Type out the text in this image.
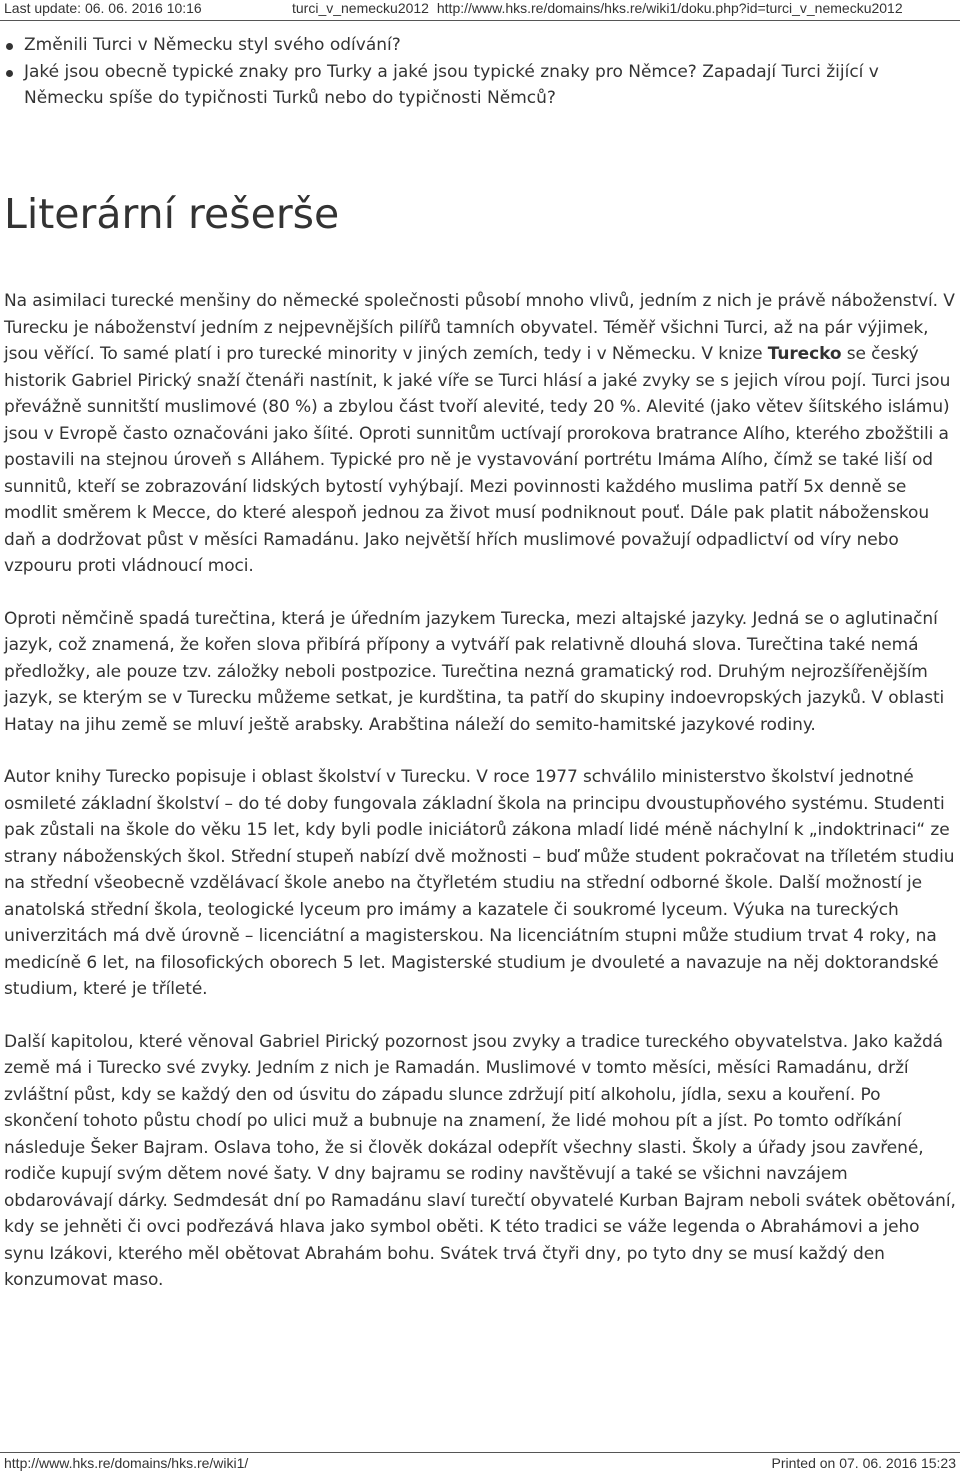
Last update: 06. 06. 2016 10:16	turci_v_nemecku2012 http://www.hks.re/domains/hks.re/wiki1/doku.php?id=turci_v_nemecku2012
Změnili Turci v Německu styl svého odívání?
Jaké jsou obecně typické znaky pro Turky a jaké jsou typické znaky pro Němce? Zapadají Turci žijící v Německu spíše do typičnosti Turků nebo do typičnosti Němců?
Literární rešerše

Na asimilaci turecké menšiny do německé společnosti působí mnoho vlivů, jedním z nich je právě náboženství. V Turecku je náboženství jedním z nejpevnějších pilířů tamních obyvatel. Téměř všichni Turci, až na pár výjimek, jsou věřící. To samé platí i pro turecké minority v jiných zemích, tedy i v Německu. V knize Turecko se český historik Gabriel Pirický snaží čtenáři nastínit, k jaké víře se Turci hlásí a jaké zvyky se s jejich vírou pojí. Turci jsou převážně sunnitští muslimové (80 %) a zbylou část tvoří alevité, tedy 20 %. Alevité (jako větev šíitského islámu) jsou v Evropě často označováni jako šíité. Oproti sunnitům uctívají prorokova bratrance Alího, kterého zbožštili a postavili na stejnou úroveň s Alláhem. Typické pro ně je vystavování portrétu Imáma Alího, čímž se také liší od sunnitů, kteří se zobrazování lidských bytostí vyhýbají. Mezi povinnosti každého muslima patří 5x denně se modlit směrem k Mecce, do které alespoň jednou za život musí podniknout pouť. Dále pak platit náboženskou daň a dodržovat půst v měsíci Ramadánu. Jako největší hřích muslimové považují odpadlictví od víry nebo vzpouru proti vládnoucí moci.

Oproti němčině spadá turečtina, která je úředním jazykem Turecka, mezi altajské jazyky. Jedná se o aglutinační jazyk, což znamená, že kořen slova přibírá přípony a vytváří pak relativně dlouhá slova. Turečtina také nemá předložky, ale pouze tzv. záložky neboli postpozice. Turečtina nezná gramatický rod. Druhým nejrozšířenějším jazyk, se kterým se v Turecku můžeme setkat, je kurdština, ta patří do skupiny indoevropských jazyků. V oblasti Hatay na jihu země se mluví ještě arabsky. Arabština náleží do semito-hamitské jazykové rodiny.

Autor knihy Turecko popisuje i oblast školství v Turecku. V roce 1977 schválilo ministerstvo školství jednotné osmileté základní školství – do té doby fungovala základní škola na principu dvoustupňového systému. Studenti pak zůstali na škole do věku 15 let, kdy byli podle iniciátorů zákona mladí lidé méně náchylní k „indoktrinaci“ ze strany náboženských škol. Střední stupeň nabízí dvě možnosti – buď může student pokračovat na tříletém studiu na střední všeobecně vzdělávací škole anebo na čtyřletém studiu na střední odborné škole. Další možností je anatolská střední škola, teologické lyceum pro imámy a kazatele či soukromé lyceum. Výuka na tureckých univerzitách má dvě úrovně – licenciátní a magisterskou. Na licenciátním stupni může studium trvat 4 roky, na medicíně 6 let, na filosofických oborech 5 let. Magisterské studium je dvouleté a navazuje na něj doktorandské studium, které je tříleté.

Další kapitolou, které věnoval Gabriel Pirický pozornost jsou zvyky a tradice tureckého obyvatelstva. Jako každá země má i Turecko své zvyky. Jedním z nich je Ramadán. Muslimové v tomto měsíci, měsíci Ramadánu, drží zvláštní půst, kdy se každý den od úsvitu do západu slunce zdržují pití alkoholu, jídla, sexu a kouření. Po skončení tohoto půstu chodí po ulici muž a bubnuje na znamení, že lidé mohou pít a jíst. Po tomto odříkání následuje Šeker Bajram. Oslava toho, že si člověk dokázal odepřít všechny slasti. Školy a úřady jsou zavřené, rodiče kupují svým dětem nové šaty. V dny bajramu se rodiny navštěvují a také se všichni navzájem obdarovávají dárky. Sedmdesát dní po Ramadánu slaví turečtí obyvatelé Kurban Bajram neboli svátek obětování, kdy se jehněti či ovci podřezává hlava jako symbol oběti. K této tradici se váže legenda o Abrahámovi a jeho synu Izákovi, kterého měl obětovat Abrahám bohu. Svátek trvá čtyři dny, po tyto dny se musí každý den konzumovat maso.

http://www.hks.re/domains/hks.re/wiki1/	Printed on 07. 06. 2016 15:23
